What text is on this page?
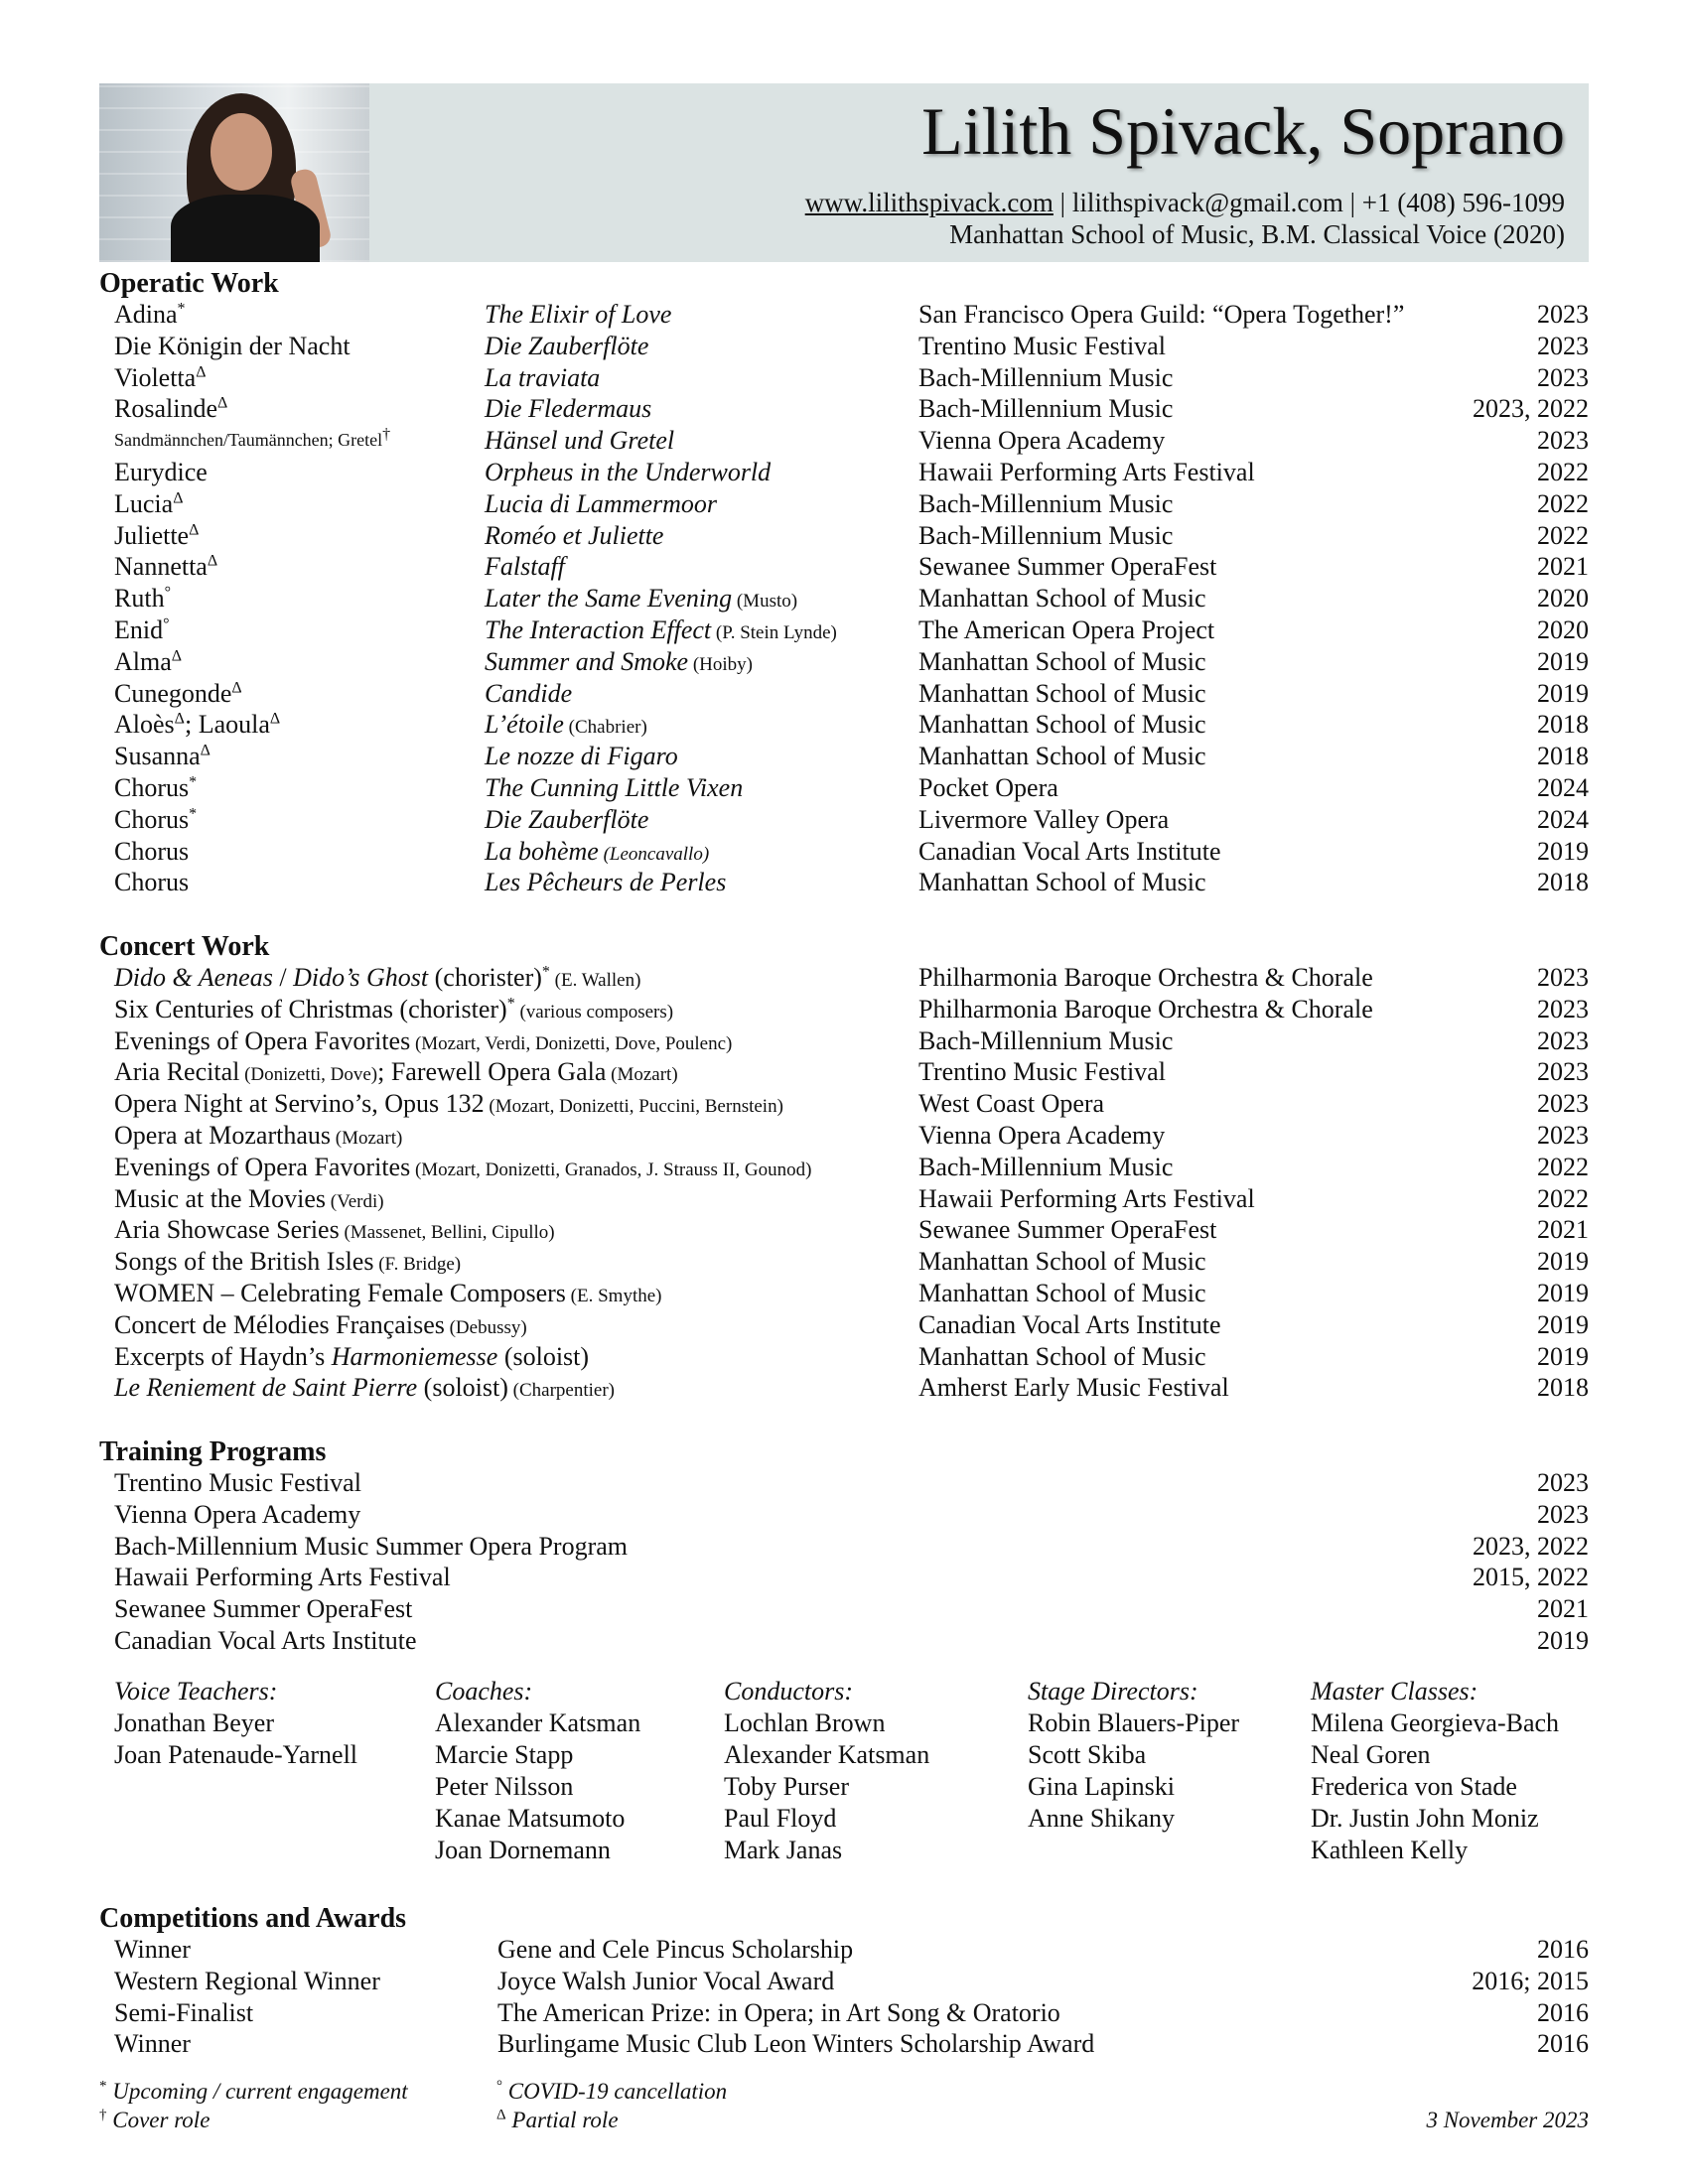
Lilith Spivack, Soprano
www.lilithspivack.com | lilithspivack@gmail.com | +1 (408) 596-1099
Manhattan School of Music, B.M. Classical Voice (2020)
Operatic Work
Adina*	The Elixir of Love	San Francisco Opera Guild: “Opera Together!”	2023
Die Königin der Nacht	Die Zauberflöte	Trentino Music Festival	2023
Violetta$^\Delta$	La traviata	Bach-Millennium Music	2023
Rosalinde$^\Delta$	Die Fledermaus	Bach-Millennium Music	2023, 2022
Sandmännchen/Taumännchen; Gretel†	Hänsel und Gretel	Vienna Opera Academy	2023
Eurydice	Orpheus in the Underworld	Hawaii Performing Arts Festival	2022
Lucia$^\Delta$	Lucia di Lammermoor	Bach-Millennium Music	2022
Juliette$^\Delta$	Roméo et Juliette	Bach-Millennium Music	2022
Nannetta$^\Delta$	Falstaff	Sewanee Summer OperaFest	2021
Ruth°	Later the Same Evening (Musto)	Manhattan School of Music	2020
Enid°	The Interaction Effect (P. Stein Lynde)	The American Opera Project	2020
Alma$^\Delta$	Summer and Smoke (Hoiby)	Manhattan School of Music	2019
Cunegonde$^\Delta$	Candide	Manhattan School of Music	2019
Aloès$^\Delta$; Laoula$^\Delta$	L’étoile (Chabrier)	Manhattan School of Music	2018
Susanna$^\Delta$	Le nozze di Figaro	Manhattan School of Music	2018
Chorus*	The Cunning Little Vixen	Pocket Opera	2024
Chorus*	Die Zauberflöte	Livermore Valley Opera	2024
Chorus	La bohème (Leoncavallo)	Canadian Vocal Arts Institute	2019
Chorus	Les Pêcheurs de Perles	Manhattan School of Music	2018
Concert Work
Dido & Aeneas / Dido’s Ghost (chorister)* (E. Wallen)	Philharmonia Baroque Orchestra & Chorale	2023
Six Centuries of Christmas (chorister)* (various composers)	Philharmonia Baroque Orchestra & Chorale	2023
Evenings of Opera Favorites (Mozart, Verdi, Donizetti, Dove, Poulenc)	Bach-Millennium Music	2023
Aria Recital (Donizetti, Dove); Farewell Opera Gala (Mozart)	Trentino Music Festival	2023
Opera Night at Servino’s, Opus 132 (Mozart, Donizetti, Puccini, Bernstein)	West Coast Opera	2023
Opera at Mozarthaus (Mozart)	Vienna Opera Academy	2023
Evenings of Opera Favorites (Mozart, Donizetti, Granados, J. Strauss II, Gounod)	Bach-Millennium Music	2022
Music at the Movies (Verdi)	Hawaii Performing Arts Festival	2022
Aria Showcase Series (Massenet, Bellini, Cipullo)	Sewanee Summer OperaFest	2021
Songs of the British Isles (F. Bridge)	Manhattan School of Music	2019
WOMEN – Celebrating Female Composers (E. Smythe)	Manhattan School of Music	2019
Concert de Mélodies Françaises (Debussy)	Canadian Vocal Arts Institute	2019
Excerpts of Haydn’s Harmoniemesse (soloist)	Manhattan School of Music	2019
Le Reniement de Saint Pierre (soloist) (Charpentier)	Amherst Early Music Festival	2018
Training Programs
Trentino Music Festival	2023
Vienna Opera Academy	2023
Bach-Millennium Music Summer Opera Program	2023, 2022
Hawaii Performing Arts Festival	2015, 2022
Sewanee Summer OperaFest	2021
Canadian Vocal Arts Institute	2019
Voice Teachers:
Jonathan Beyer
Joan Patenaude-Yarnell
Coaches:
Alexander Katsman
Marcie Stapp
Peter Nilsson
Kanae Matsumoto
Joan Dornemann
Conductors:
Lochlan Brown
Alexander Katsman
Toby Purser
Paul Floyd
Mark Janas
Stage Directors:
Robin Blauers-Piper
Scott Skiba
Gina Lapinski
Anne Shikany
Master Classes:
Milena Georgieva-Bach
Neal Goren
Frederica von Stade
Dr. Justin John Moniz
Kathleen Kelly
Competitions and Awards
Winner	Gene and Cele Pincus Scholarship	2016
Western Regional Winner	Joyce Walsh Junior Vocal Award	2016; 2015
Semi-Finalist	The American Prize: in Opera; in Art Song & Oratorio	2016
Winner	Burlingame Music Club Leon Winters Scholarship Award	2016
* Upcoming / current engagement
† Cover role
° COVID-19 cancellation
$^\Delta$ Partial role	3 November 2023
